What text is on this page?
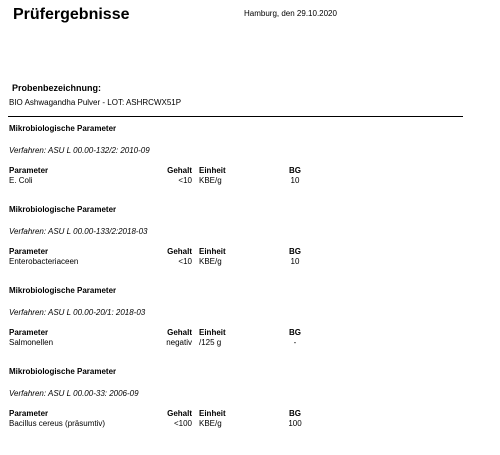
Prüfergebnisse	Hamburg, den 29.10.2020
Probenbezeichnung:
BIO Ashwagandha Pulver - LOT: ASHRCWX51P
Mikrobiologische Parameter
Verfahren: ASU L 00.00-132/2: 2010-09
Parameter	Gehalt Einheit	BG
E. Coli	<10 KBE/g	10
Mikrobiologische Parameter
Verfahren: ASU L 00.00-133/2:2018-03
Parameter	Gehalt Einheit	BG
Enterobacteriaceen	<10 KBE/g	10
Mikrobiologische Parameter
Verfahren: ASU L 00.00-20/1: 2018-03
Parameter	Gehalt Einheit	BG
Salmonellen	negativ /125 g	-
Mikrobiologische Parameter
Verfahren: ASU L 00.00-33: 2006-09
Parameter	Gehalt Einheit	BG
Bacillus cereus (präsumtiv)	<100 KBE/g	100
